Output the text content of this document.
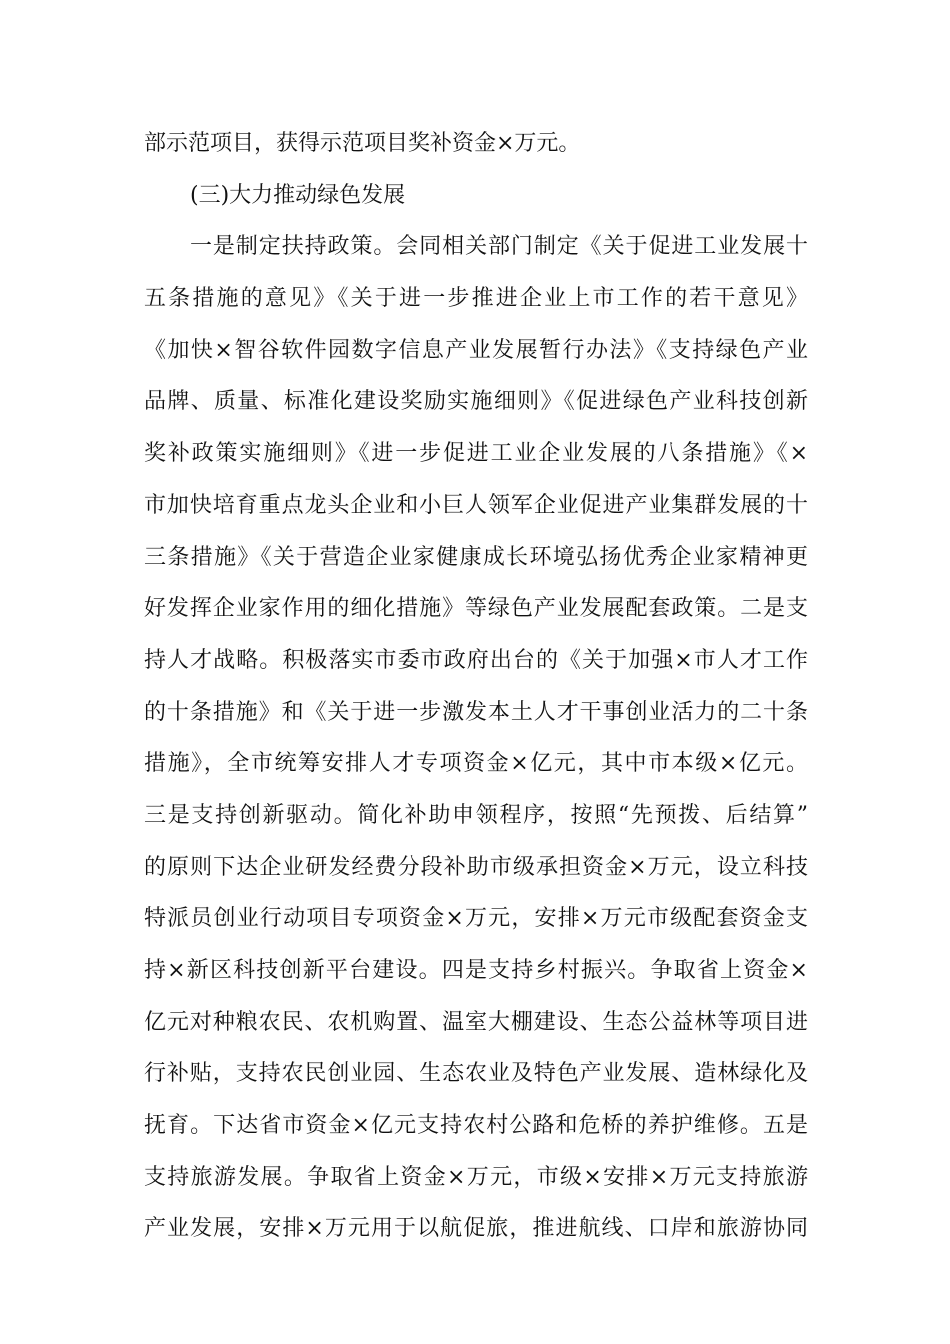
部示范项目，获得示范项目奖补资金×万元。
(三)大力推动绿色发展
一是制定扶持政策。会同相关部门制定《关于促进工业发展十
五条措施的意见》《关于进一步推进企业上市工作的若干意见》
《加快×智谷软件园数字信息产业发展暂行办法》《支持绿色产业
品牌、质量、标准化建设奖励实施细则》《促进绿色产业科技创新
奖补政策实施细则》《进一步促进工业企业发展的八条措施》《×
市加快培育重点龙头企业和小巨人领军企业促进产业集群发展的十
三条措施》《关于营造企业家健康成长环境弘扬优秀企业家精神更
好发挥企业家作用的细化措施》等绿色产业发展配套政策。二是支
持人才战略。积极落实市委市政府出台的《关于加强×市人才工作
的十条措施》和《关于进一步激发本土人才干事创业活力的二十条
措施》，全市统筹安排人才专项资金×亿元，其中市本级×亿元。
三是支持创新驱动。简化补助申领程序，按照“先预拨、后结算”
的原则下达企业研发经费分段补助市级承担资金×万元，设立科技
特派员创业行动项目专项资金×万元，安排×万元市级配套资金支
持×新区科技创新平台建设。四是支持乡村振兴。争取省上资金×
亿元对种粮农民、农机购置、温室大棚建设、生态公益林等项目进
行补贴，支持农民创业园、生态农业及特色产业发展、造林绿化及
抚育。下达省市资金×亿元支持农村公路和危桥的养护维修。五是
支持旅游发展。争取省上资金×万元，市级×安排×万元支持旅游
产业发展，安排×万元用于以航促旅，推进航线、口岸和旅游协同
